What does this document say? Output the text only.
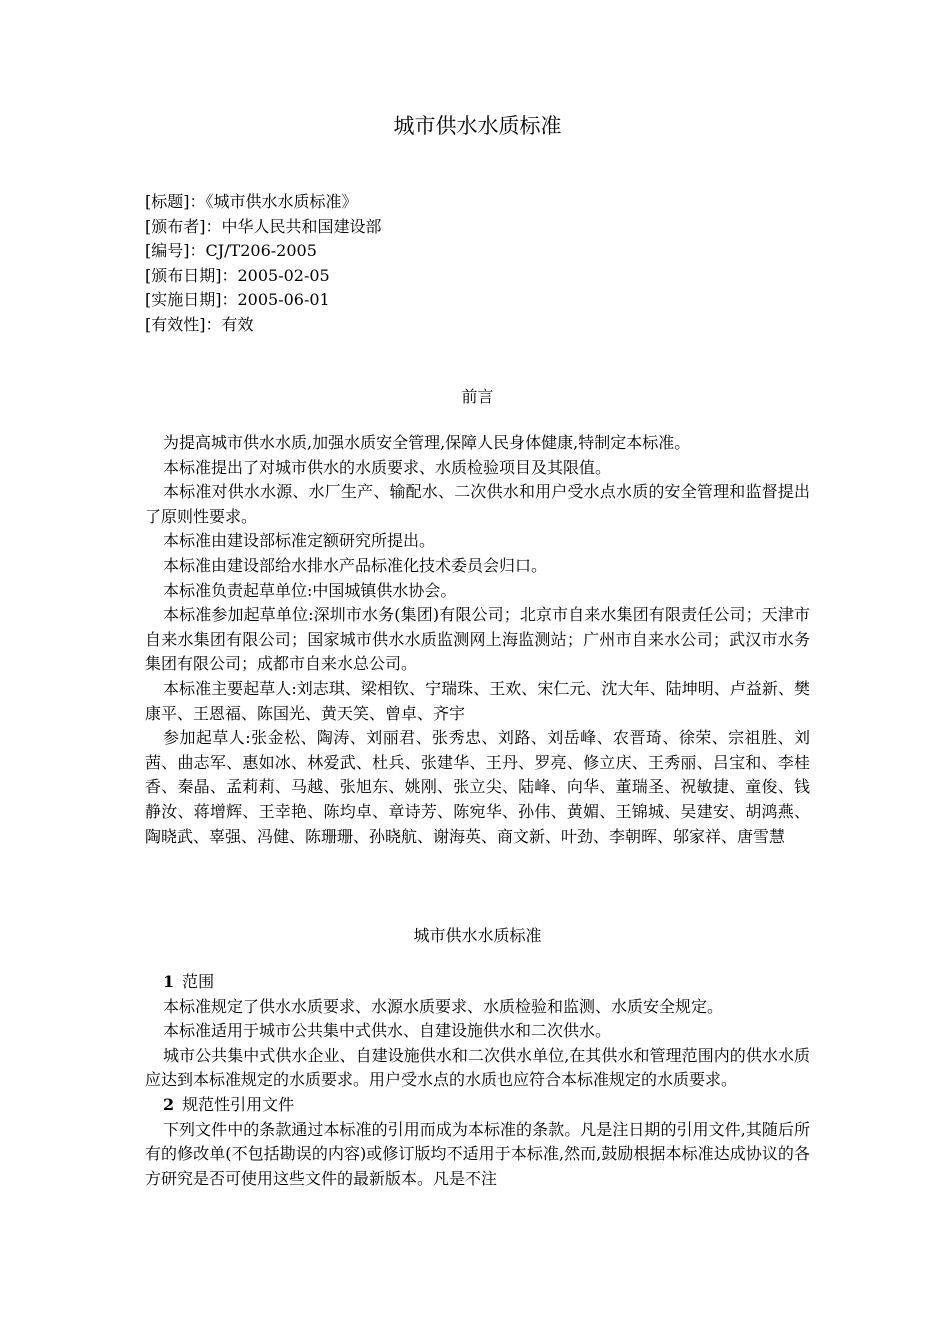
城市供水水质标准
[标题]：《城市供水水质标准》
[颁布者]：中华人民共和国建设部
[编号]：CJ/T206-2005
[颁布日期]：2005-02-05
[实施日期]：2005-06-01
[有效性]：有效
前言

为提高城市供水水质,加强水质安全管理,保障人民身体健康,特制定本标准。

本标准提出了对城市供水的水质要求、水质检验项目及其限值。

本标准对供水水源、水厂生产、输配水、二次供水和用户受水点水质的安全管理和监督提出了原则性要求。

本标准由建设部标准定额研究所提出。

本标准由建设部给水排水产品标准化技术委员会归口。

本标准负责起草单位:中国城镇供水协会。

本标准参加起草单位:深圳市水务(集团)有限公司；北京市自来水集团有限责任公司；天津市自来水集团有限公司；国家城市供水水质监测网上海监测站；广州市自来水公司；武汉市水务集团有限公司；成都市自来水总公司。

本标准主要起草人:刘志琪、梁相钦、宁瑞珠、王欢、宋仁元、沈大年、陆坤明、卢益新、樊康平、王恩福、陈国光、黄天笑、曾卓、齐宇

参加起草人:张金松、陶涛、刘丽君、张秀忠、刘路、刘岳峰、农晋琦、徐荣、宗祖胜、刘茜、曲志军、惠如冰、林爱武、杜兵、张建华、王丹、罗亮、修立庆、王秀丽、吕宝和、李桂香、秦晶、孟莉莉、马越、张旭东、姚刚、张立尖、陆峰、向华、董瑞圣、祝敏捷、童俊、钱静汝、蒋增辉、王幸艳、陈均卓、章诗芳、陈宛华、孙伟、黄媚、王锦城、吴建安、胡鸿燕、陶晓武、辜强、冯健、陈珊珊、孙晓航、谢海英、商文新、叶劲、李朝晖、邬家祥、唐雪慧

城市供水水质标准
1 范围

本标准规定了供水水质要求、水源水质要求、水质检验和监测、水质安全规定。

本标准适用于城市公共集中式供水、自建设施供水和二次供水。

城市公共集中式供水企业、自建设施供水和二次供水单位,在其供水和管理范围内的供水水质应达到本标准规定的水质要求。用户受水点的水质也应符合本标准规定的水质要求。

2 规范性引用文件

下列文件中的条款通过本标准的引用而成为本标准的条款。凡是注日期的引用文件,其随后所有的修改单(不包括勘误的内容)或修订版均不适用于本标准,然而,鼓励根据本标准达成协议的各方研究是否可使用这些文件的最新版本。凡是不注
